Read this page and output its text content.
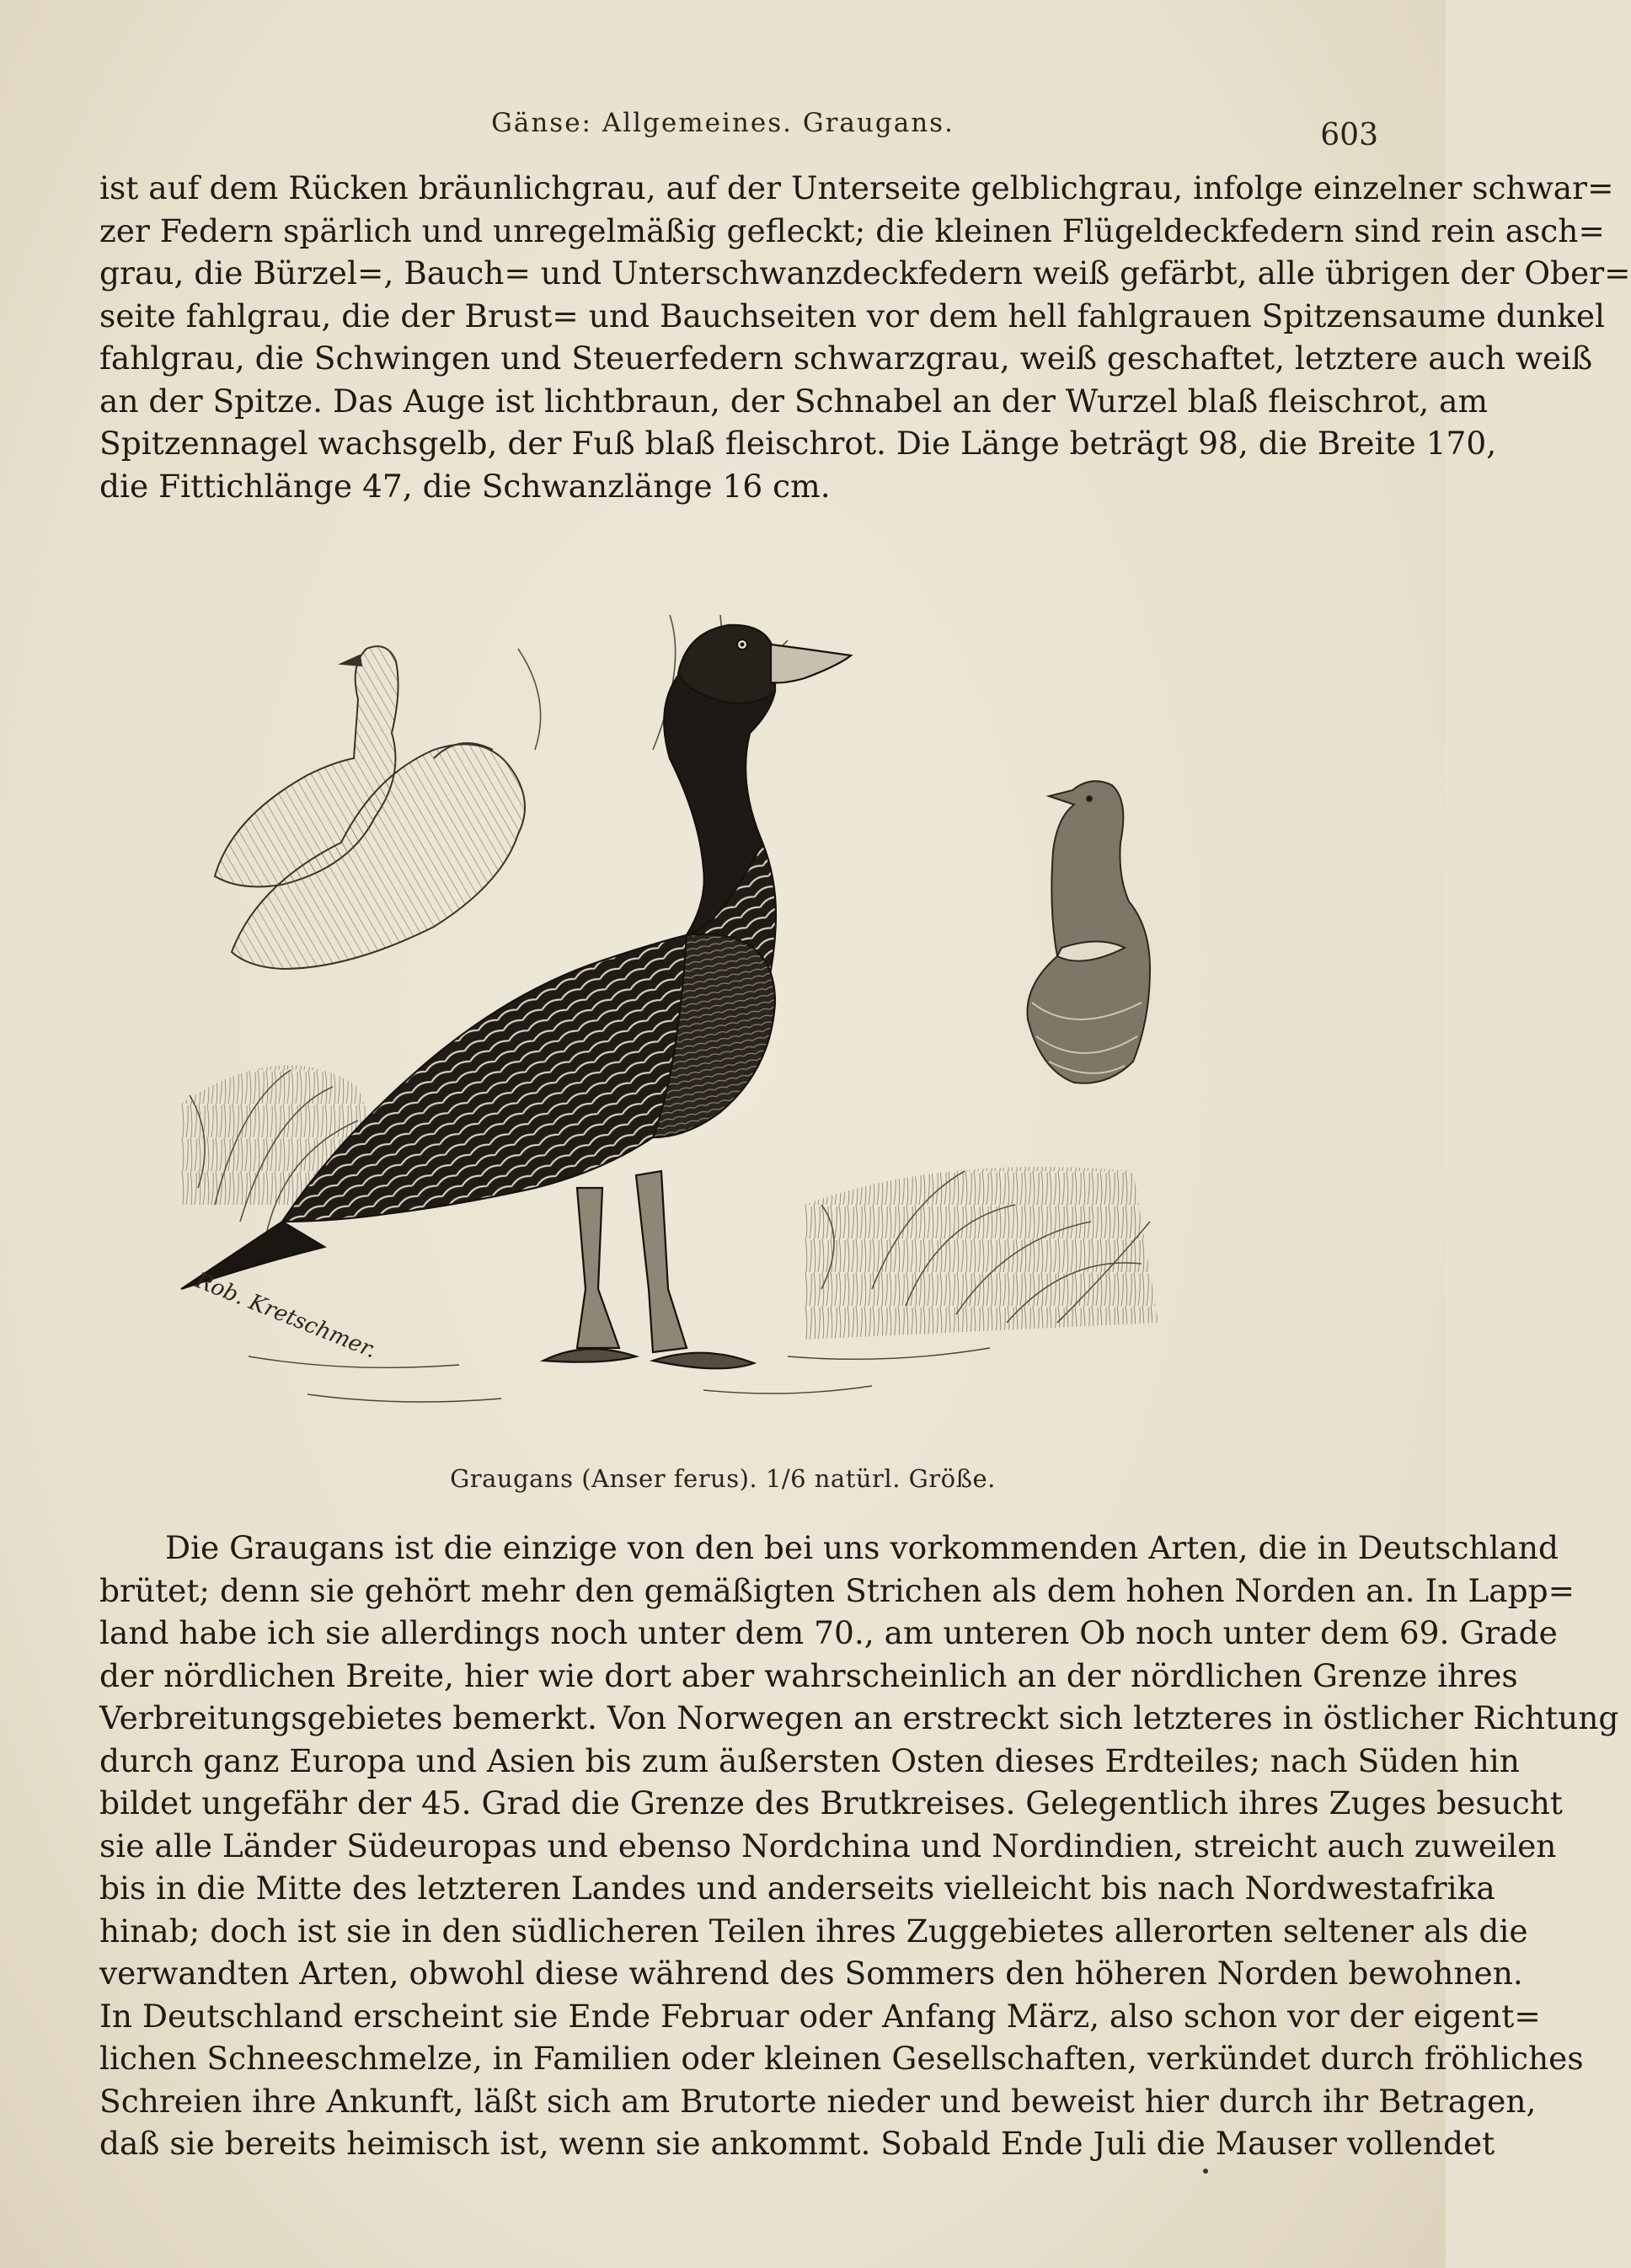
Gänse: Allgemeines. Graugans.	603
ist auf dem Rücken bräunlichgrau, auf der Unterseite gelblichgrau, infolge einzelner schwar=
zer Federn spärlich und unregelmäßig gefleckt; die kleinen Flügeldeckfedern sind rein asch=
grau, die Bürzel=, Bauch= und Unterschwanzdeckfedern weiß gefärbt, alle übrigen der Ober=
seite fahlgrau, die der Brust= und Bauchseiten vor dem hell fahlgrauen Spitzensaume dunkel
fahlgrau, die Schwingen und Steuerfedern schwarzgrau, weiß geschaftet, letztere auch weiß
an der Spitze. Das Auge ist lichtbraun, der Schnabel an der Wurzel blaß fleischrot, am
Spitzennagel wachsgelb, der Fuß blaß fleischrot. Die Länge beträgt 98, die Breite 170,
die Fittichlänge 47, die Schwanzlänge 16 cm.
Rob. Kretschmer.
Graugans (Anser ferus). 1/6 natürl. Größe.
Die Graugans ist die einzige von den bei uns vorkommenden Arten, die in Deutschland
brütet; denn sie gehört mehr den gemäßigten Strichen als dem hohen Norden an. In Lapp=
land habe ich sie allerdings noch unter dem 70., am unteren Ob noch unter dem 69. Grade
der nördlichen Breite, hier wie dort aber wahrscheinlich an der nördlichen Grenze ihres
Verbreitungsgebietes bemerkt. Von Norwegen an erstreckt sich letzteres in östlicher Richtung
durch ganz Europa und Asien bis zum äußersten Osten dieses Erdteiles; nach Süden hin
bildet ungefähr der 45. Grad die Grenze des Brutkreises. Gelegentlich ihres Zuges besucht
sie alle Länder Südeuropas und ebenso Nordchina und Nordindien, streicht auch zuweilen
bis in die Mitte des letzteren Landes und anderseits vielleicht bis nach Nordwestafrika
hinab; doch ist sie in den südlicheren Teilen ihres Zuggebietes allerorten seltener als die
verwandten Arten, obwohl diese während des Sommers den höheren Norden bewohnen.
In Deutschland erscheint sie Ende Februar oder Anfang März, also schon vor der eigent=
lichen Schneeschmelze, in Familien oder kleinen Gesellschaften, verkündet durch fröhliches
Schreien ihre Ankunft, läßt sich am Brutorte nieder und beweist hier durch ihr Betragen,
daß sie bereits heimisch ist, wenn sie ankommt. Sobald Ende Juli die Mauser vollendet
